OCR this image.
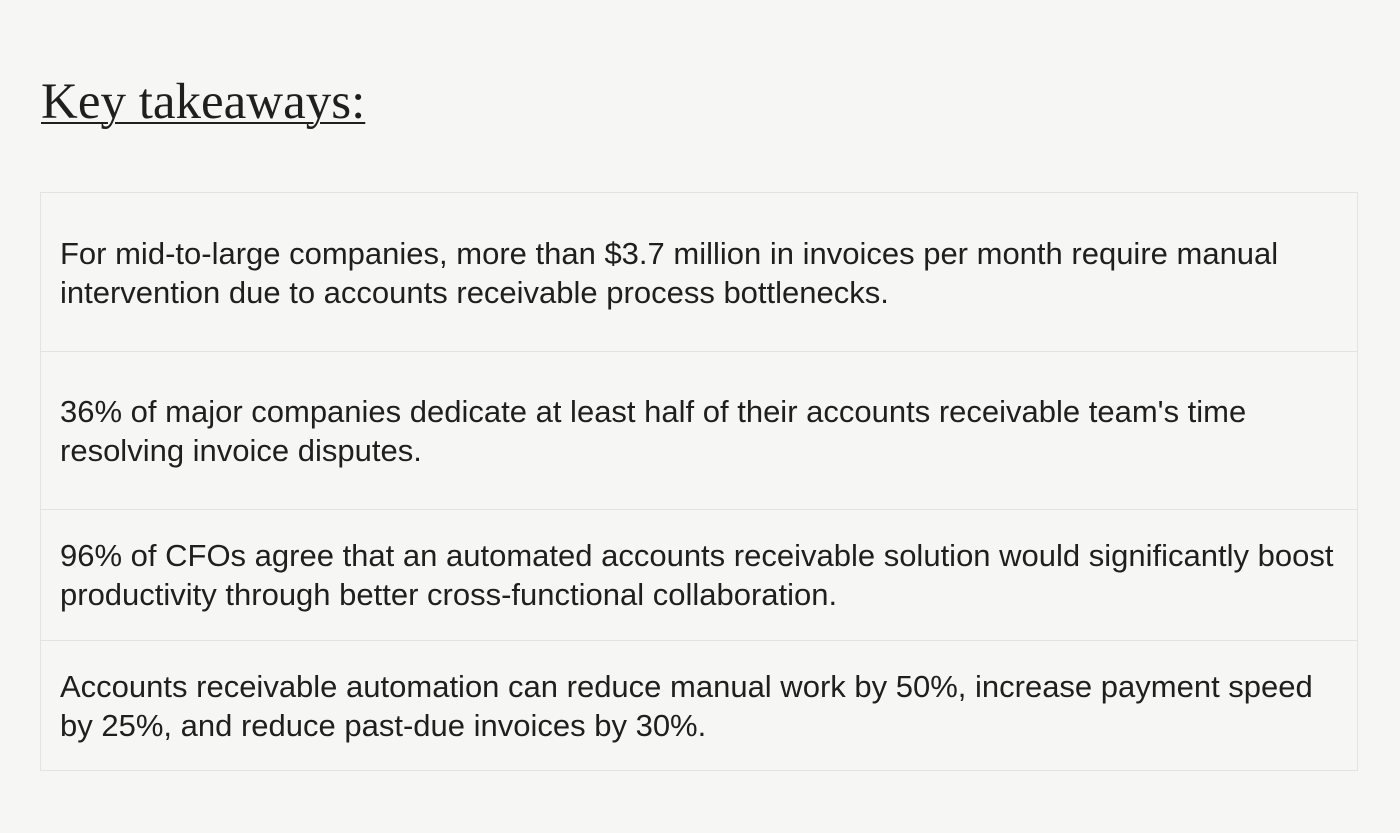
Key takeaways:

For mid-to-large companies, more than $3.7 million in invoices per month require manual intervention due to accounts receivable process bottlenecks.

36% of major companies dedicate at least half of their accounts receivable team's time resolving invoice disputes.

96% of CFOs agree that an automated accounts receivable solution would significantly boost productivity through better cross-functional collaboration.

Accounts receivable automation can reduce manual work by 50%, increase payment speed by 25%, and reduce past-due invoices by 30%.
